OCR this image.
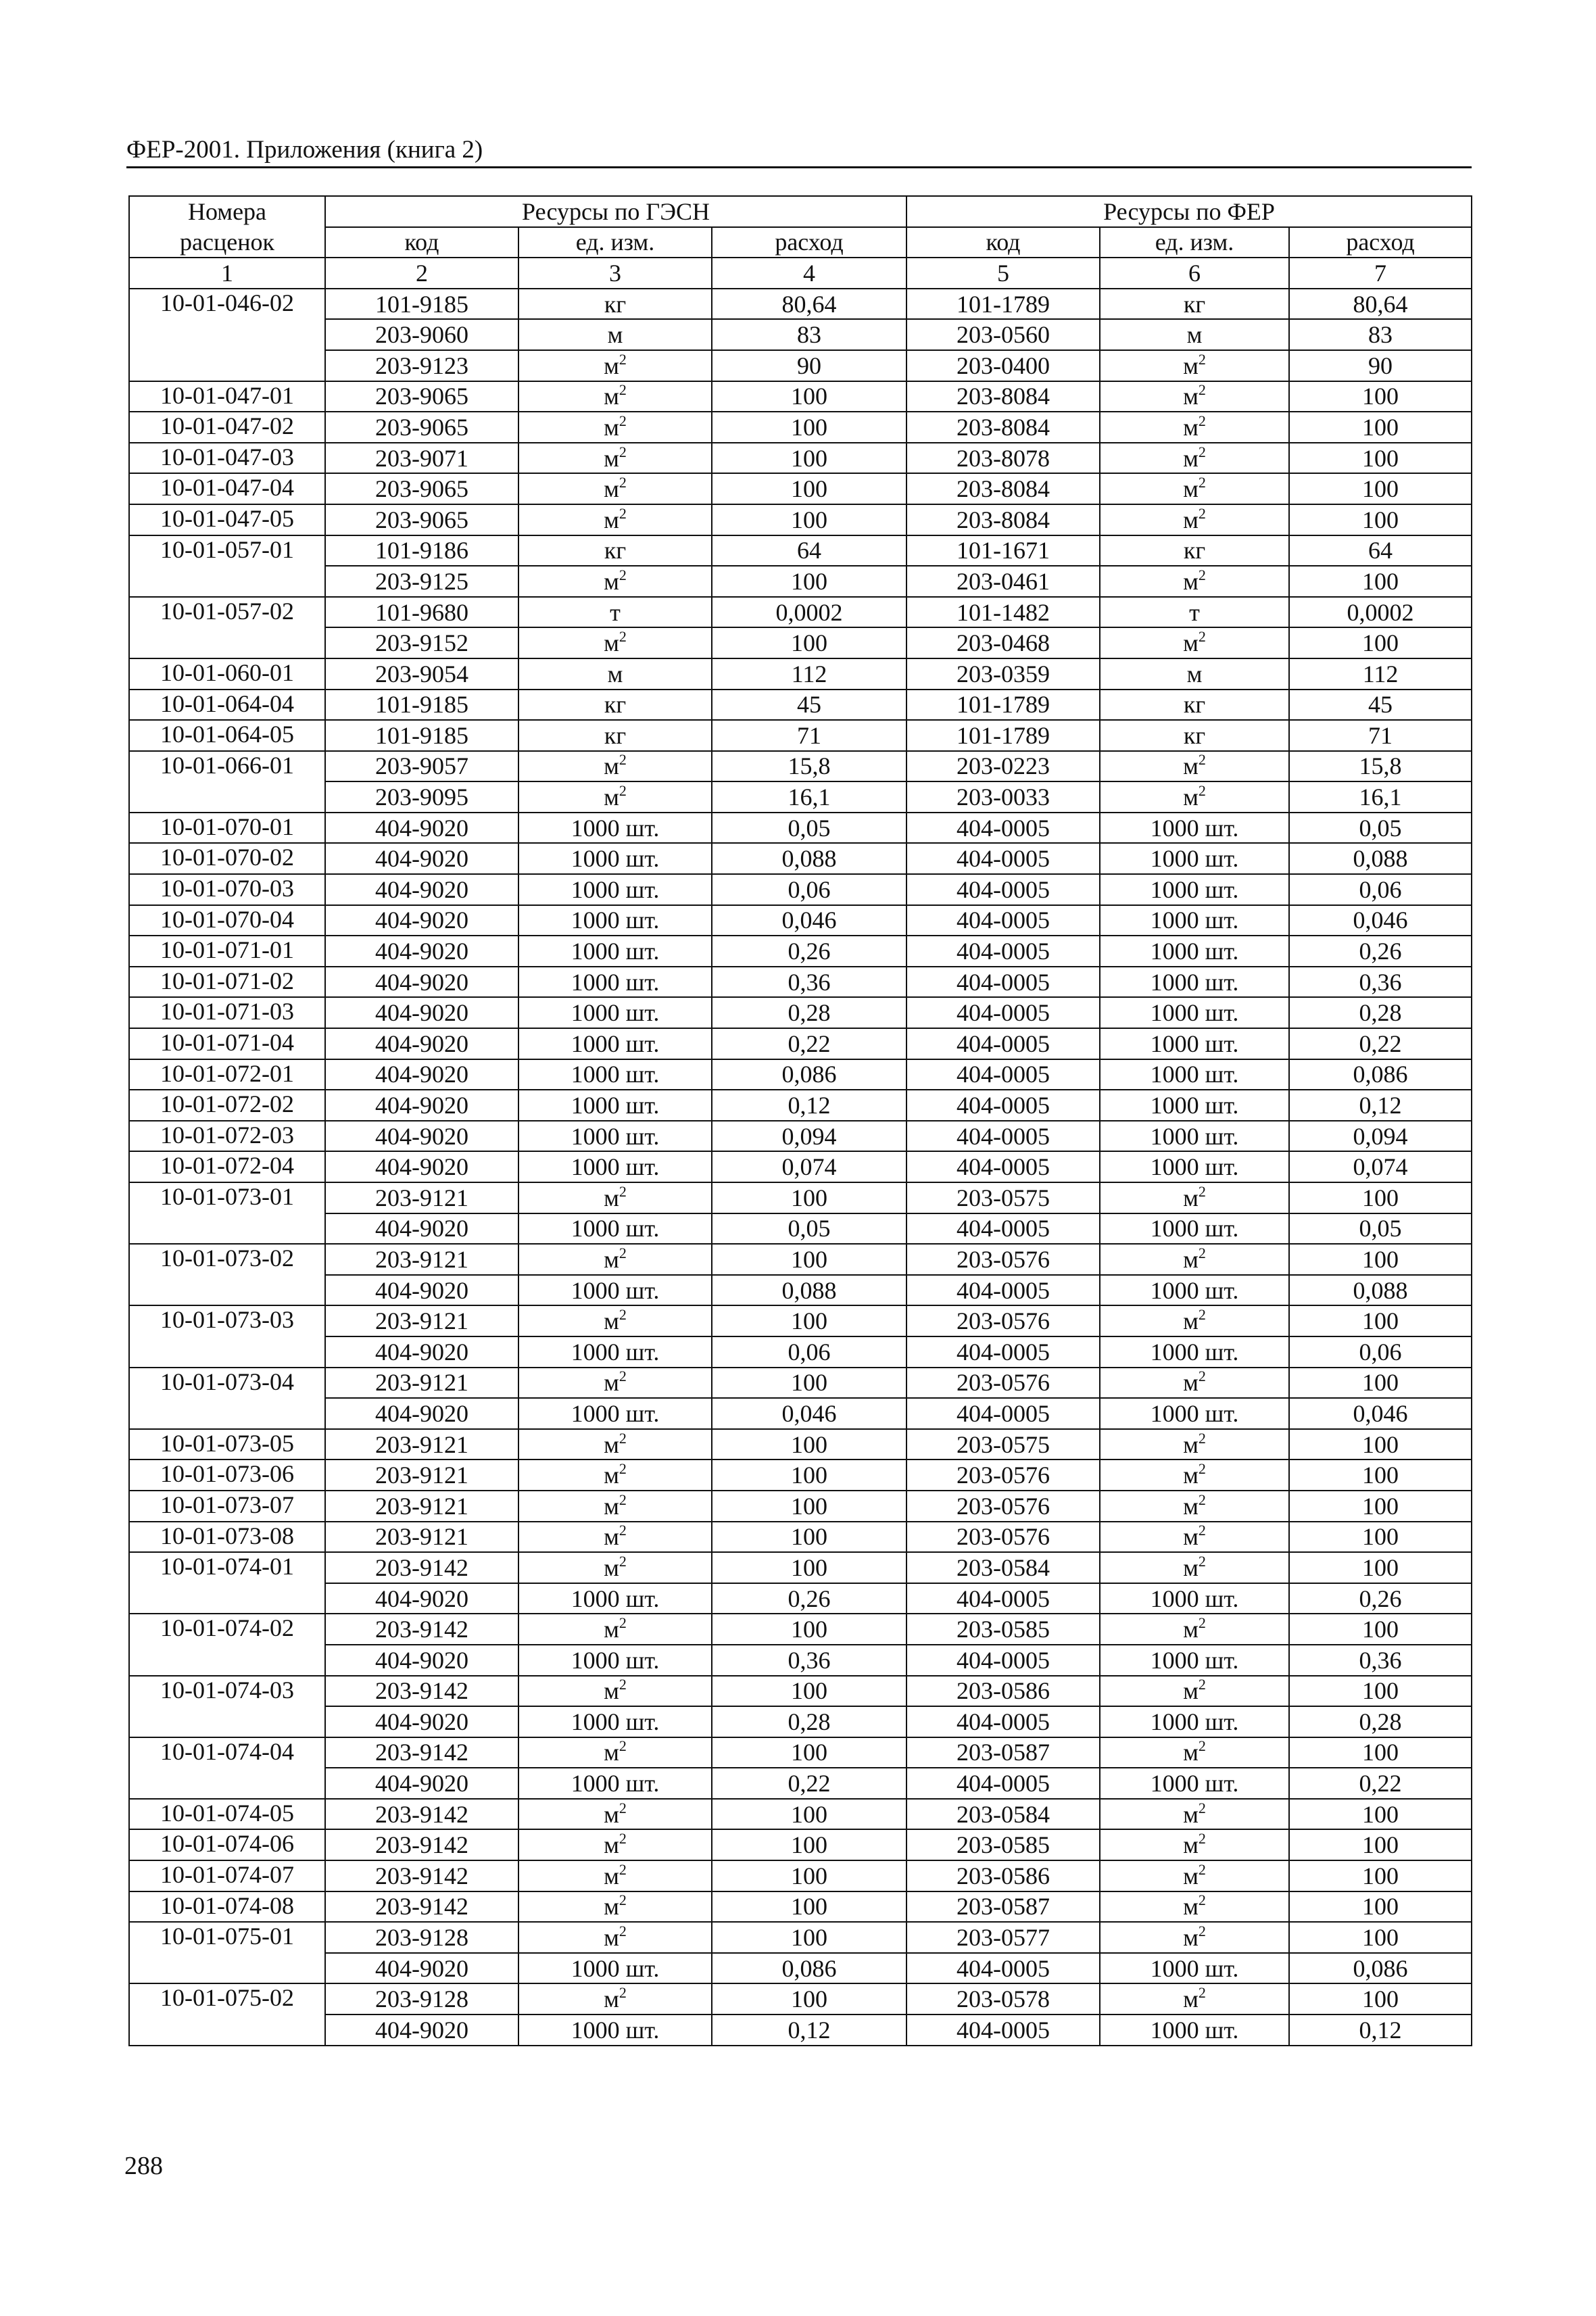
ФЕР-2001. Приложения (книга 2)
Номера	Ресурсы по ГЭСН			Ресурсы по ФЕР		
расценок	код	ед. изм.	расход	код	ед. изм.	расход
1	2	3	4	5	6	7
10-01-046-02	101-9185	кг	80,64	101-1789	кг	80,64
	203-9060	м	83	203-0560	м	83
	203-9123	$м^2$	90	203-0400	$м^2$	90
10-01-047-01	203-9065	$м^2$	100	203-8084	$м^2$	100
10-01-047-02	203-9065	$м^2$	100	203-8084	$м^2$	100
10-01-047-03	203-9071	$м^2$	100	203-8078	$м^2$	100
10-01-047-04	203-9065	$м^2$	100	203-8084	$м^2$	100
10-01-047-05	203-9065	$м^2$	100	203-8084	$м^2$	100
10-01-057-01	101-9186	кг	64	101-1671	кг	64
	203-9125	$м^2$	100	203-0461	$м^2$	100
10-01-057-02	101-9680	т	0,0002	101-1482	т	0,0002
	203-9152	$м^2$	100	203-0468	$м^2$	100
10-01-060-01	203-9054	м	112	203-0359	м	112
10-01-064-04	101-9185	кг	45	101-1789	кг	45
10-01-064-05	101-9185	кг	71	101-1789	кг	71
10-01-066-01	203-9057	$м^2$	15,8	203-0223	$м^2$	15,8
	203-9095	$м^2$	16,1	203-0033	$м^2$	16,1
10-01-070-01	404-9020	1000 шт.	0,05	404-0005	1000 шт.	0,05
10-01-070-02	404-9020	1000 шт.	0,088	404-0005	1000 шт.	0,088
10-01-070-03	404-9020	1000 шт.	0,06	404-0005	1000 шт.	0,06
10-01-070-04	404-9020	1000 шт.	0,046	404-0005	1000 шт.	0,046
10-01-071-01	404-9020	1000 шт.	0,26	404-0005	1000 шт.	0,26
10-01-071-02	404-9020	1000 шт.	0,36	404-0005	1000 шт.	0,36
10-01-071-03	404-9020	1000 шт.	0,28	404-0005	1000 шт.	0,28
10-01-071-04	404-9020	1000 шт.	0,22	404-0005	1000 шт.	0,22
10-01-072-01	404-9020	1000 шт.	0,086	404-0005	1000 шт.	0,086
10-01-072-02	404-9020	1000 шт.	0,12	404-0005	1000 шт.	0,12
10-01-072-03	404-9020	1000 шт.	0,094	404-0005	1000 шт.	0,094
10-01-072-04	404-9020	1000 шт.	0,074	404-0005	1000 шт.	0,074
10-01-073-01	203-9121	$м^2$	100	203-0575	$м^2$	100
	404-9020	1000 шт.	0,05	404-0005	1000 шт.	0,05
10-01-073-02	203-9121	$м^2$	100	203-0576	$м^2$	100
	404-9020	1000 шт.	0,088	404-0005	1000 шт.	0,088
10-01-073-03	203-9121	$м^2$	100	203-0576	$м^2$	100
	404-9020	1000 шт.	0,06	404-0005	1000 шт.	0,06
10-01-073-04	203-9121	$м^2$	100	203-0576	$м^2$	100
	404-9020	1000 шт.	0,046	404-0005	1000 шт.	0,046
10-01-073-05	203-9121	$м^2$	100	203-0575	$м^2$	100
10-01-073-06	203-9121	$м^2$	100	203-0576	$м^2$	100
10-01-073-07	203-9121	$м^2$	100	203-0576	$м^2$	100
10-01-073-08	203-9121	$м^2$	100	203-0576	$м^2$	100
10-01-074-01	203-9142	$м^2$	100	203-0584	$м^2$	100
	404-9020	1000 шт.	0,26	404-0005	1000 шт.	0,26
10-01-074-02	203-9142	$м^2$	100	203-0585	$м^2$	100
	404-9020	1000 шт.	0,36	404-0005	1000 шт.	0,36
10-01-074-03	203-9142	$м^2$	100	203-0586	$м^2$	100
	404-9020	1000 шт.	0,28	404-0005	1000 шт.	0,28
10-01-074-04	203-9142	$м^2$	100	203-0587	$м^2$	100
	404-9020	1000 шт.	0,22	404-0005	1000 шт.	0,22
10-01-074-05	203-9142	$м^2$	100	203-0584	$м^2$	100
10-01-074-06	203-9142	$м^2$	100	203-0585	$м^2$	100
10-01-074-07	203-9142	$м^2$	100	203-0586	$м^2$	100
10-01-074-08	203-9142	$м^2$	100	203-0587	$м^2$	100
10-01-075-01	203-9128	$м^2$	100	203-0577	$м^2$	100
	404-9020	1000 шт.	0,086	404-0005	1000 шт.	0,086
10-01-075-02	203-9128	$м^2$	100	203-0578	$м^2$	100
	404-9020	1000 шт.	0,12	404-0005	1000 шт.	0,12
288
